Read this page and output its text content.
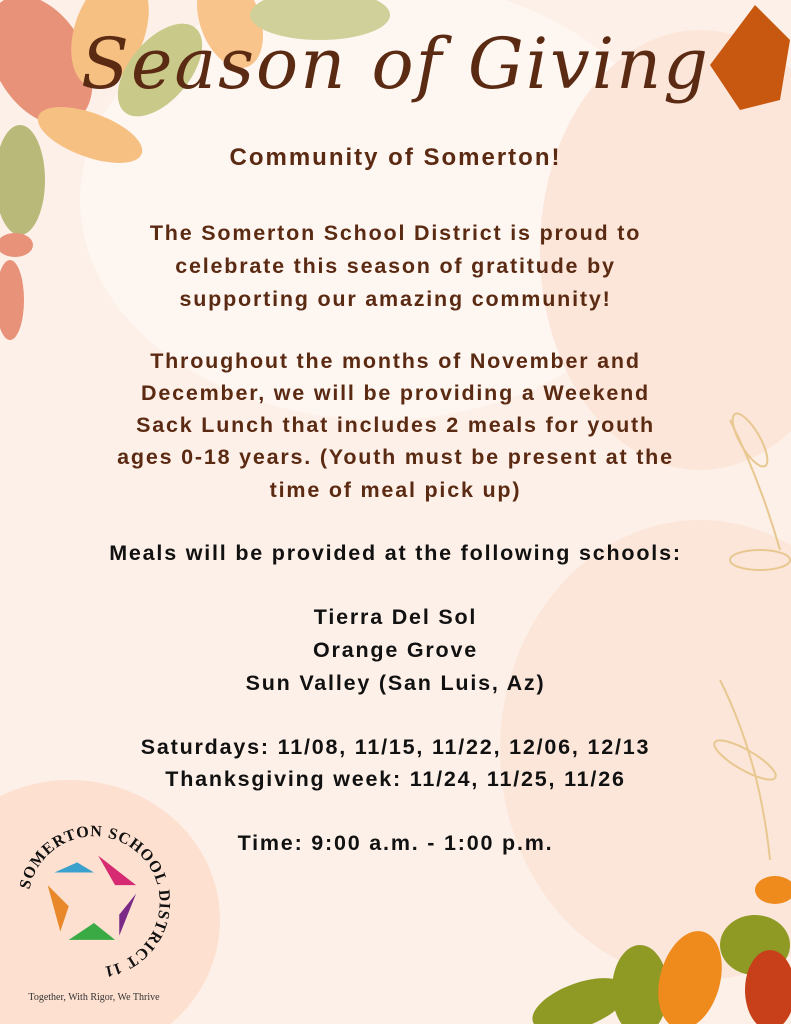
Season of Giving
Community of Somerton!
The Somerton School District is proud to
celebrate this season of gratitude by
supporting our amazing community!
Throughout the months of November and
December, we will be providing a Weekend
Sack Lunch that includes 2 meals for youth
ages 0-18 years. (Youth must be present at the
time of meal pick up)
Meals will be provided at the following schools:
Tierra Del Sol
Orange Grove
Sun Valley (San Luis, Az)
Saturdays: 11/08, 11/15, 11/22, 12/06, 12/13
Thanksgiving week: 11/24, 11/25, 11/26
Time: 9:00 a.m. - 1:00 p.m.
SOMERTON SCHOOL DISTRICT 11
Together, With Rigor, We Thrive
